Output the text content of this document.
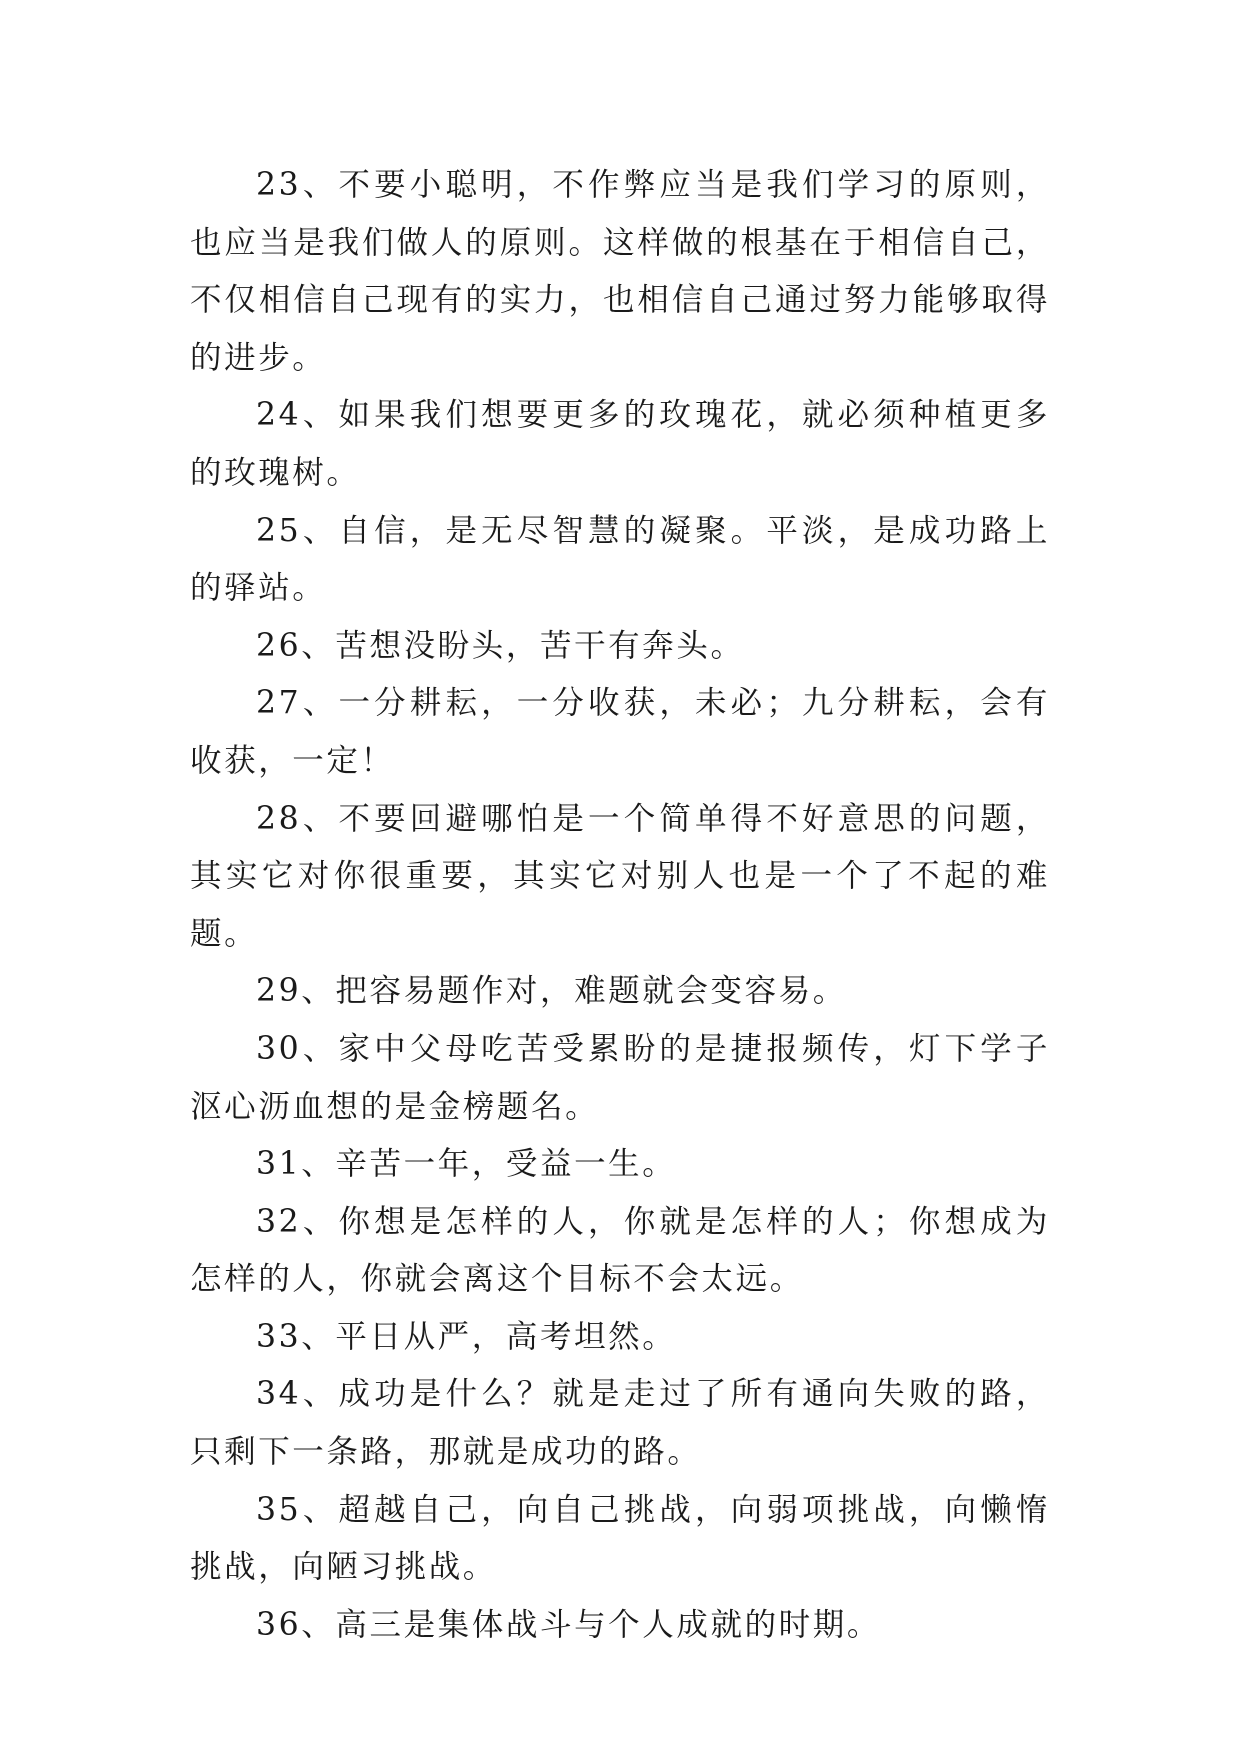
23、不要小聪明，不作弊应当是我们学习的原则，也应当是我们做人的原则。这样做的根基在于相信自己，不仅相信自己现有的实力，也相信自己通过努力能够取得的进步。

24、如果我们想要更多的玫瑰花，就必须种植更多的玫瑰树。

25、自信，是无尽智慧的凝聚。平淡，是成功路上的驿站。

26、苦想没盼头，苦干有奔头。

27、一分耕耘，一分收获，未必；九分耕耘，会有收获，一定！

28、不要回避哪怕是一个简单得不好意思的问题，其实它对你很重要，其实它对别人也是一个了不起的难题。

29、把容易题作对，难题就会变容易。

30、家中父母吃苦受累盼的是捷报频传，灯下学子沤心沥血想的是金榜题名。

31、辛苦一年，受益一生。

32、你想是怎样的人，你就是怎样的人；你想成为怎样的人，你就会离这个目标不会太远。

33、平日从严，高考坦然。

34、成功是什么？就是走过了所有通向失败的路，只剩下一条路，那就是成功的路。

35、超越自己，向自己挑战，向弱项挑战，向懒惰挑战，向陋习挑战。

36、高三是集体战斗与个人成就的时期。
